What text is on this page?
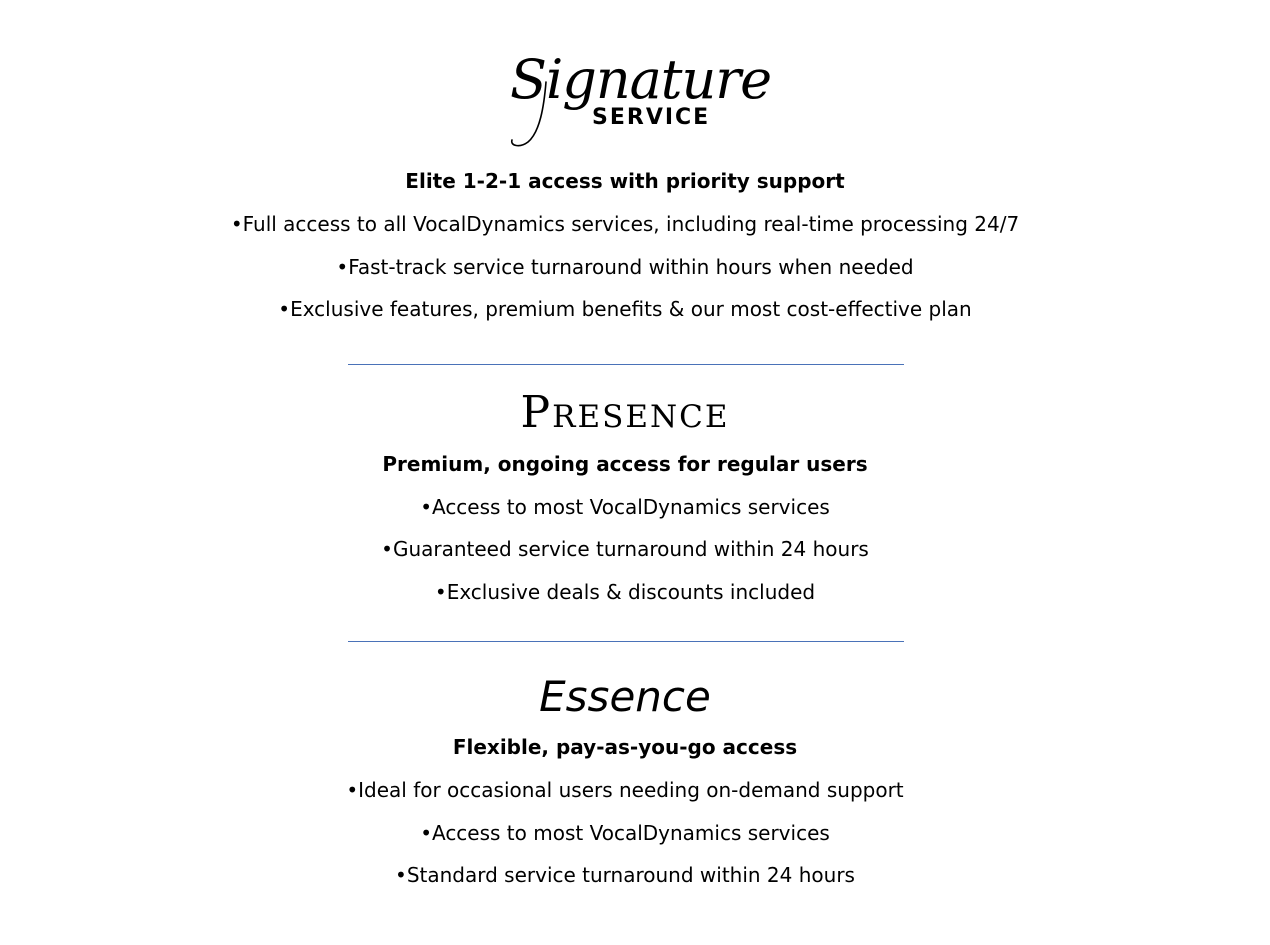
Signature
SERVICE
Elite 1-2-1 access with priority support
•Full access to all VocalDynamics services, including real-time processing 24/7
•Fast-track service turnaround within hours when needed
•Exclusive features, premium benefits & our most cost-effective plan
Presence
Premium, ongoing access for regular users
•Access to most VocalDynamics services
•Guaranteed service turnaround within 24 hours
•Exclusive deals & discounts included
Essence
Flexible, pay-as-you-go access
•Ideal for occasional users needing on-demand support
•Access to most VocalDynamics services
•Standard service turnaround within 24 hours
